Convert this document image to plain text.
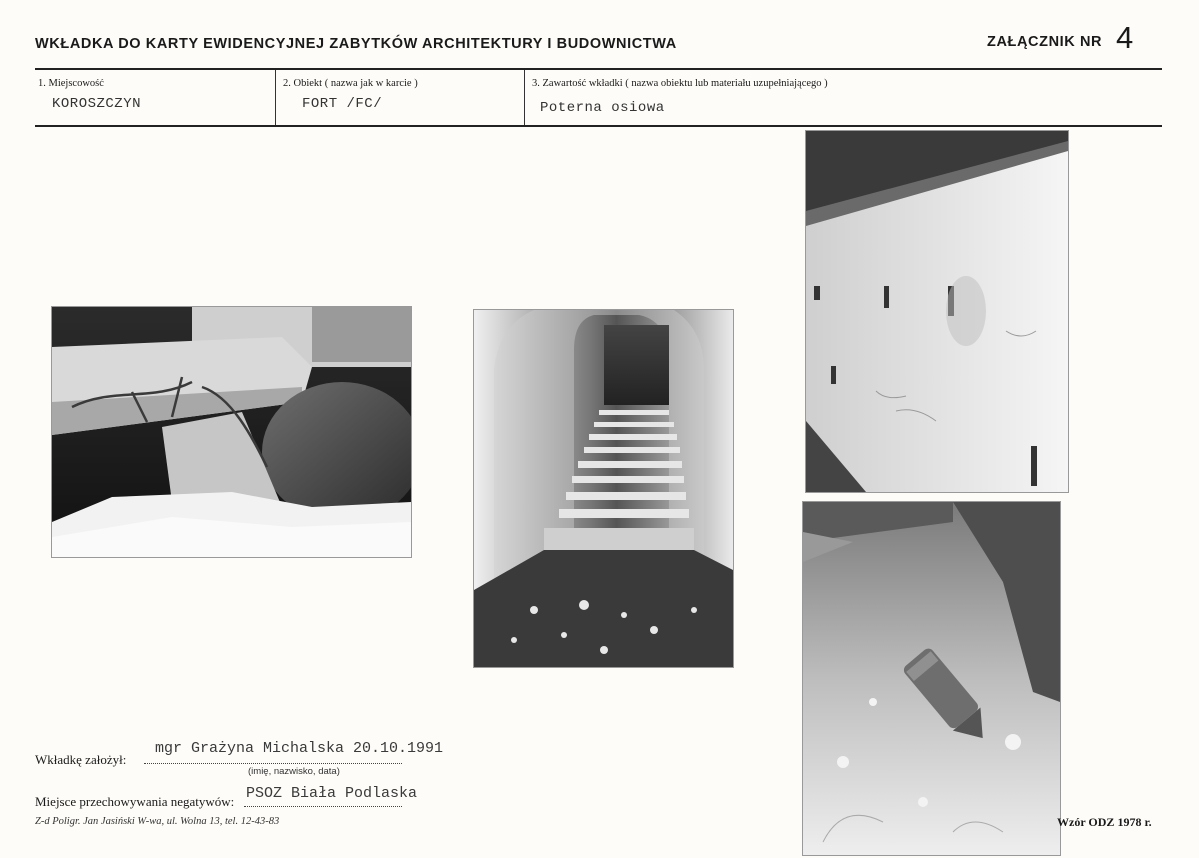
WKŁADKA DO KARTY EWIDENCYJNEJ ZABYTKÓW ARCHITEKTURY I BUDOWNICTWA	ZAŁĄCZNIK NR 4
1. Miejscowość
KOROSZCZYN
2. Obiekt ( nazwa jak w karcie )
FORT /FC/
3. Zawartość wkładki ( nazwa obiektu lub materiału uzupełniającego )
Poterna osiowa
Wkładkę założył:
mgr Grażyna Michalska 20.10.1991
(imię, nazwisko, data)
Miejsce przechowywania negatywów: PSOZ Biała Podlaska
Z-d Poligr. Jan Jasiński W-wa, ul. Wolna 13, tel. 12-43-83	Wzór ODZ 1978 r.
